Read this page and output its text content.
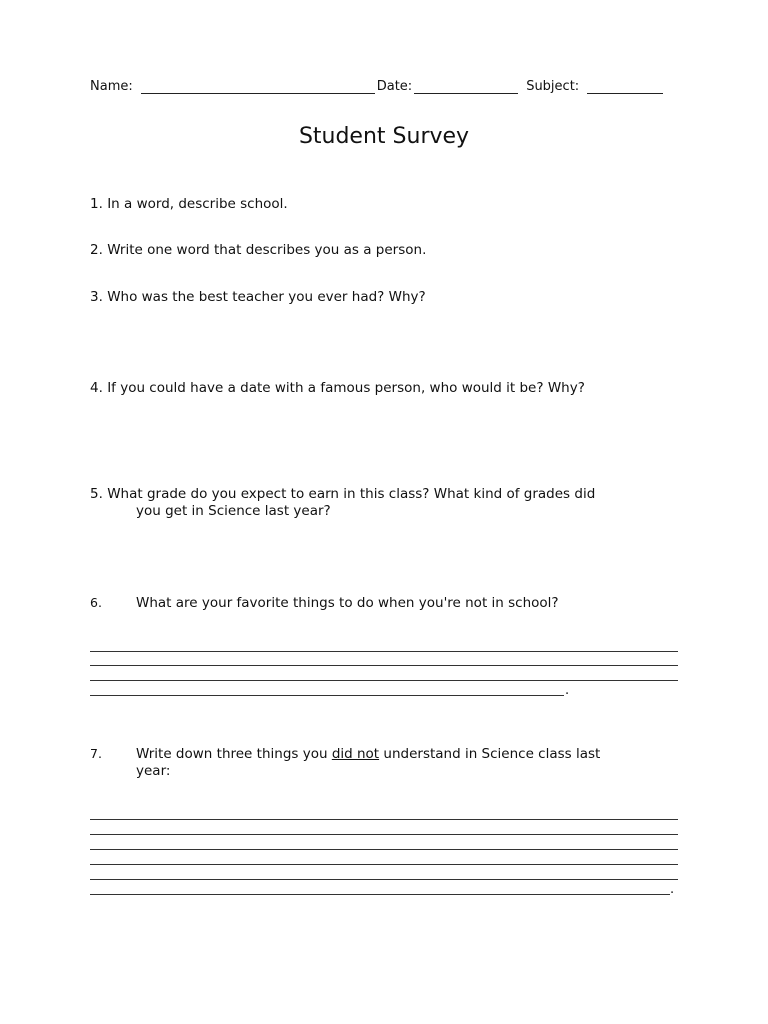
Name:	Date:	Subject:
Student Survey
1. In a word, describe school.
2. Write one word that describes you as a person.
3. Who was the best teacher you ever had? Why?
4. If you could have a date with a famous person, who would it be? Why?
5. What grade do you expect to earn in this class? What kind of grades did
you get in Science last year?
6.	What are your favorite things to do when you're not in school?
.
7.	Write down three things you did not understand in Science class last
year:
.
